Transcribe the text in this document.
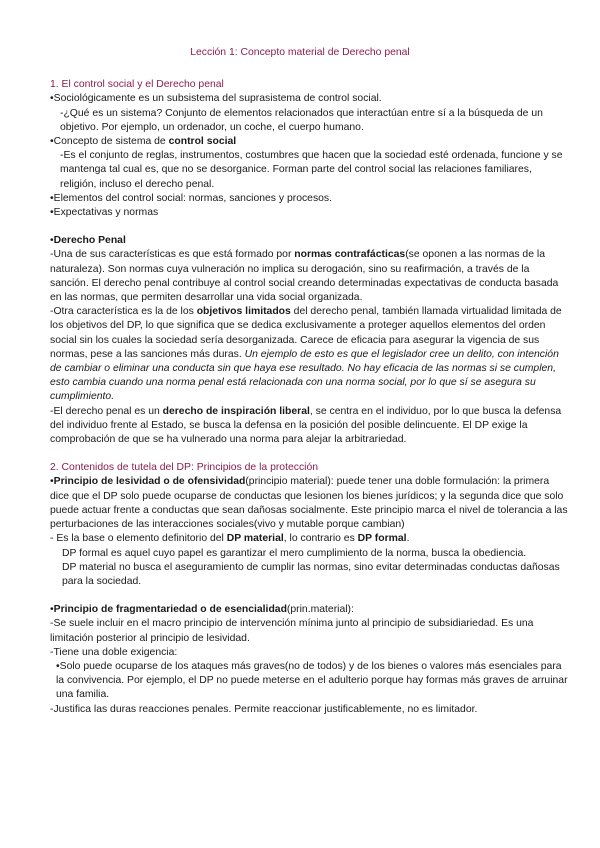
Lección 1: Concepto material de Derecho penal
1. El control social y el Derecho penal

• Sociológicamente es un subsistema del suprasistema de control social.

-¿Qué es un sistema? Conjunto de elementos relacionados que interactúan entre sí a la búsqueda de un objetivo. Por ejemplo, un ordenador, un coche, el cuerpo humano.

• Concepto de sistema de control social

-Es el conjunto de reglas, instrumentos, costumbres que hacen que la sociedad esté ordenada, funcione y se mantenga tal cual es, que no se desorganice. Forman parte del control social las relaciones familiares, religión, incluso el derecho penal.

• Elementos del control social: normas, sanciones y procesos.

• Expectativas y normas

• Derecho Penal

-Una de sus características es que está formado por normas contrafácticas(se oponen a las normas de la naturaleza). Son normas cuya vulneración no implica su derogación, sino su reafirmación, a través de la sanción. El derecho penal contribuye al control social creando determinadas expectativas de conducta basada en las normas, que permiten desarrollar una vida social organizada.

-Otra característica es la de los objetivos limitados del derecho penal, también llamada virtualidad limitada de los objetivos del DP, lo que significa que se dedica exclusivamente a proteger aquellos elementos del orden social sin los cuales la sociedad sería desorganizada. Carece de eficacia para asegurar la vigencia de sus normas, pese a las sanciones más duras. Un ejemplo de esto es que el legislador cree un delito, con intención de cambiar o eliminar una conducta sin que haya ese resultado. No hay eficacia de las normas si se cumplen, esto cambia cuando una norma penal está relacionada con una norma social, por lo que sí se asegura su cumplimiento.

-El derecho penal es un derecho de inspiración liberal, se centra en el individuo, por lo que busca la defensa del individuo frente al Estado, se busca la defensa en la posición del posible delincuente. El DP exige la comprobación de que se ha vulnerado una norma para alejar la arbitrariedad.

2. Contenidos de tutela del DP: Principios de la protección

• Principio de lesividad o de ofensividad(principio material): puede tener una doble formulación: la primera dice que el DP solo puede ocuparse de conductas que lesionen los bienes jurídicos; y la segunda dice que solo puede actuar frente a conductas que sean dañosas socialmente. Este principio marca el nivel de tolerancia a las perturbaciones de las interacciones sociales(vivo y mutable porque cambian)

- Es la base o elemento definitorio del DP material, lo contrario es DP formal.

DP formal es aquel cuyo papel es garantizar el mero cumplimiento de la norma, busca la obediencia.

DP material no busca el aseguramiento de cumplir las normas, sino evitar determinadas conductas dañosas para la sociedad.

• Principio de fragmentariedad o de esencialidad(prin.material):

-Se suele incluir en el macro principio de intervención mínima junto al principio de subsidiariedad. Es una limitación posterior al principio de lesividad.

-Tiene una doble exigencia:

• Solo puede ocuparse de los ataques más graves(no de todos) y de los bienes o valores más esenciales para la convivencia. Por ejemplo, el DP no puede meterse en el adulterio porque hay formas más graves de arruinar una familia.

-Justifica las duras reacciones penales. Permite reaccionar justificablemente, no es limitador.
